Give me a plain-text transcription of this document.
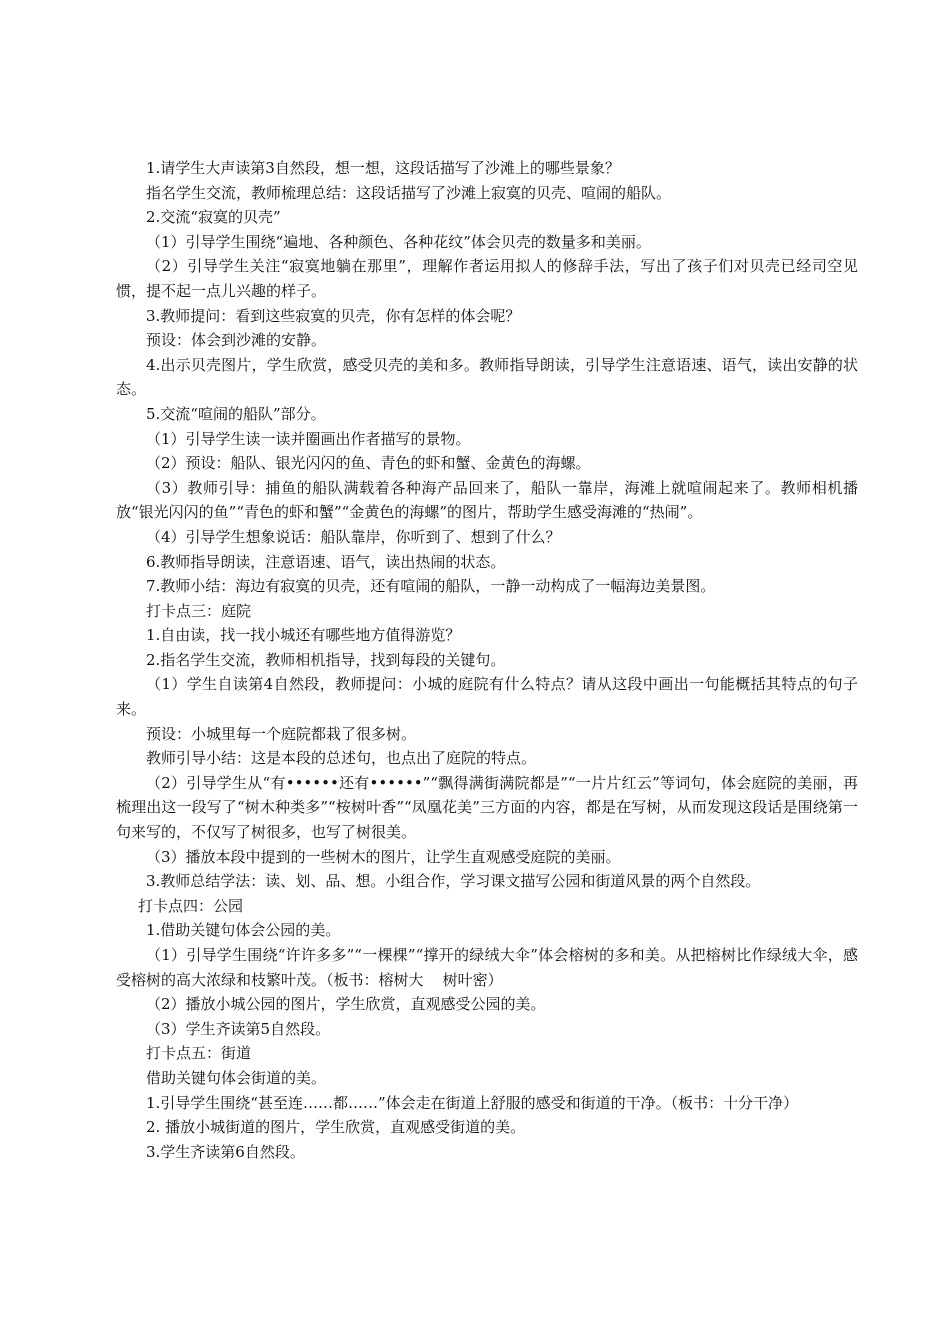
1.请学生大声读第3自然段，想一想，这段话描写了沙滩上的哪些景象？

指名学生交流，教师梳理总结：这段话描写了沙滩上寂寞的贝壳、喧闹的船队。

2.交流“寂寞的贝壳”

（1）引导学生围绕“遍地、各种颜色、各种花纹”体会贝壳的数量多和美丽。

（2）引导学生关注“寂寞地躺在那里”，理解作者运用拟人的修辞手法，写出了孩子们对贝壳已经司空见惯，提不起一点儿兴趣的样子。

3.教师提问：看到这些寂寞的贝壳，你有怎样的体会呢？

预设：体会到沙滩的安静。

4.出示贝壳图片，学生欣赏，感受贝壳的美和多。教师指导朗读，引导学生注意语速、语气，读出安静的状态。

5.交流“喧闹的船队”部分。

（1）引导学生读一读并圈画出作者描写的景物。

（2）预设：船队、银光闪闪的鱼、青色的虾和蟹、金黄色的海螺。

（3）教师引导：捕鱼的船队满载着各种海产品回来了，船队一靠岸，海滩上就喧闹起来了。教师相机播放“银光闪闪的鱼”“青色的虾和蟹”“金黄色的海螺”的图片，帮助学生感受海滩的“热闹”。

（4）引导学生想象说话：船队靠岸，你听到了、想到了什么？

6.教师指导朗读，注意语速、语气，读出热闹的状态。

7.教师小结：海边有寂寞的贝壳，还有喧闹的船队，一静一动构成了一幅海边美景图。

打卡点三：庭院

1.自由读，找一找小城还有哪些地方值得游览？

2.指名学生交流，教师相机指导，找到每段的关键句。

（1）学生自读第4自然段，教师提问：小城的庭院有什么特点？请从这段中画出一句能概括其特点的句子来。

预设：小城里每一个庭院都栽了很多树。

教师引导小结：这是本段的总述句，也点出了庭院的特点。

（2）引导学生从“有••••••还有••••••”“飘得满街满院都是”“一片片红云”等词句，体会庭院的美丽，再梳理出这一段写了“树木种类多”“桉树叶香”“凤凰花美”三方面的内容，都是在写树，从而发现这段话是围绕第一句来写的，不仅写了树很多，也写了树很美。

（3）播放本段中提到的一些树木的图片，让学生直观感受庭院的美丽。

3.教师总结学法：读、划、品、想。小组合作，学习课文描写公园和街道风景的两个自然段。

打卡点四：公园

1.借助关键句体会公园的美。

（1）引导学生围绕“许许多多”“一棵棵”“撑开的绿绒大伞”体会榕树的多和美。从把榕树比作绿绒大伞，感受榕树的高大浓绿和枝繁叶茂。（板书：榕树大    树叶密）

（2）播放小城公园的图片，学生欣赏，直观感受公园的美。

（3）学生齐读第5自然段。

打卡点五：街道

借助关键句体会街道的美。

1.引导学生围绕“甚至连……都……”体会走在街道上舒服的感受和街道的干净。（板书：十分干净）

2. 播放小城街道的图片，学生欣赏，直观感受街道的美。

3.学生齐读第6自然段。
